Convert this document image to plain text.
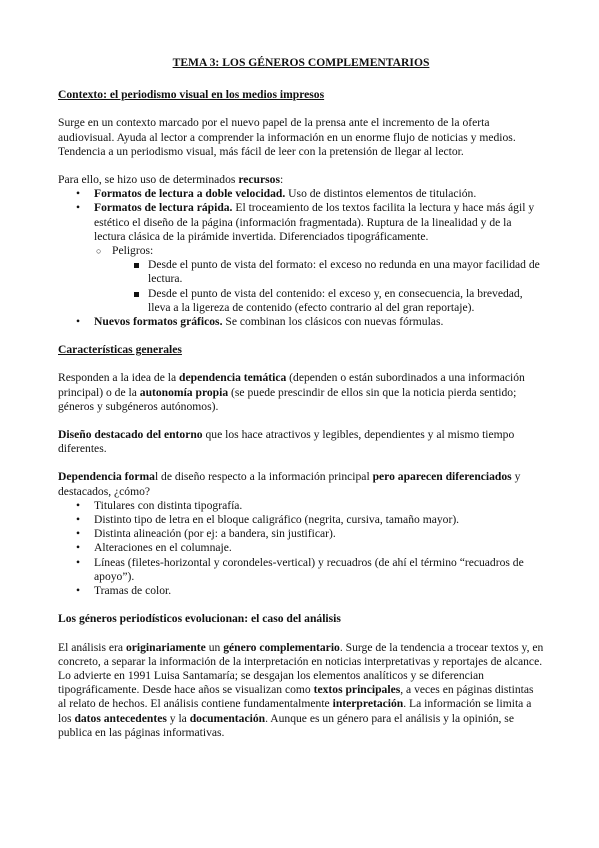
TEMA 3: LOS GÉNEROS COMPLEMENTARIOS

Contexto: el periodismo visual en los medios impresos

Surge en un contexto marcado por el nuevo papel de la prensa ante el incremento de la oferta audiovisual. Ayuda al lector a comprender la información en un enorme flujo de noticias y medios. Tendencia a un periodismo visual, más fácil de leer con la pretensión de llegar al lector.

Para ello, se hizo uso de determinados recursos:

• Formatos de lectura a doble velocidad. Uso de distintos elementos de titulación.
• Formatos de lectura rápida. El troceamiento de los textos facilita la lectura y hace más ágil y estético el diseño de la página (información fragmentada). Ruptura de la linealidad y de la lectura clásica de la pirámide invertida. Diferenciados tipográficamente.
○ Peligros:
Desde el punto de vista del formato: el exceso no redunda en una mayor facilidad de lectura.
Desde el punto de vista del contenido: el exceso y, en consecuencia, la brevedad, lleva a la ligereza de contenido (efecto contrario al del gran reportaje).
• Nuevos formatos gráficos. Se combinan los clásicos con nuevas fórmulas.

Características generales

Responden a la idea de la dependencia temática (dependen o están subordinados a una información principal) o de la autonomía propia (se puede prescindir de ellos sin que la noticia pierda sentido; géneros y subgéneros autónomos).

Diseño destacado del entorno que los hace atractivos y legibles, dependientes y al mismo tiempo diferentes.

Dependencia formal de diseño respecto a la información principal pero aparecen diferenciados y destacados, ¿cómo?

• Titulares con distinta tipografía.
• Distinto tipo de letra en el bloque caligráfico (negrita, cursiva, tamaño mayor).
• Distinta alineación (por ej: a bandera, sin justificar).
• Alteraciones en el columnaje.
• Líneas (filetes-horizontal y corondeles-vertical) y recuadros (de ahí el término “recuadros de apoyo”).
• Tramas de color.

Los géneros periodísticos evolucionan: el caso del análisis

El análisis era originariamente un género complementario. Surge de la tendencia a trocear textos y, en concreto, a separar la información de la interpretación en noticias interpretativas y reportajes de alcance. Lo advierte en 1991 Luisa Santamaría; se desgajan los elementos analíticos y se diferencian tipográficamente. Desde hace años se visualizan como textos principales, a veces en páginas distintas al relato de hechos. El análisis contiene fundamentalmente interpretación. La información se limita a los datos antecedentes y la documentación. Aunque es un género para el análisis y la opinión, se publica en las páginas informativas.
